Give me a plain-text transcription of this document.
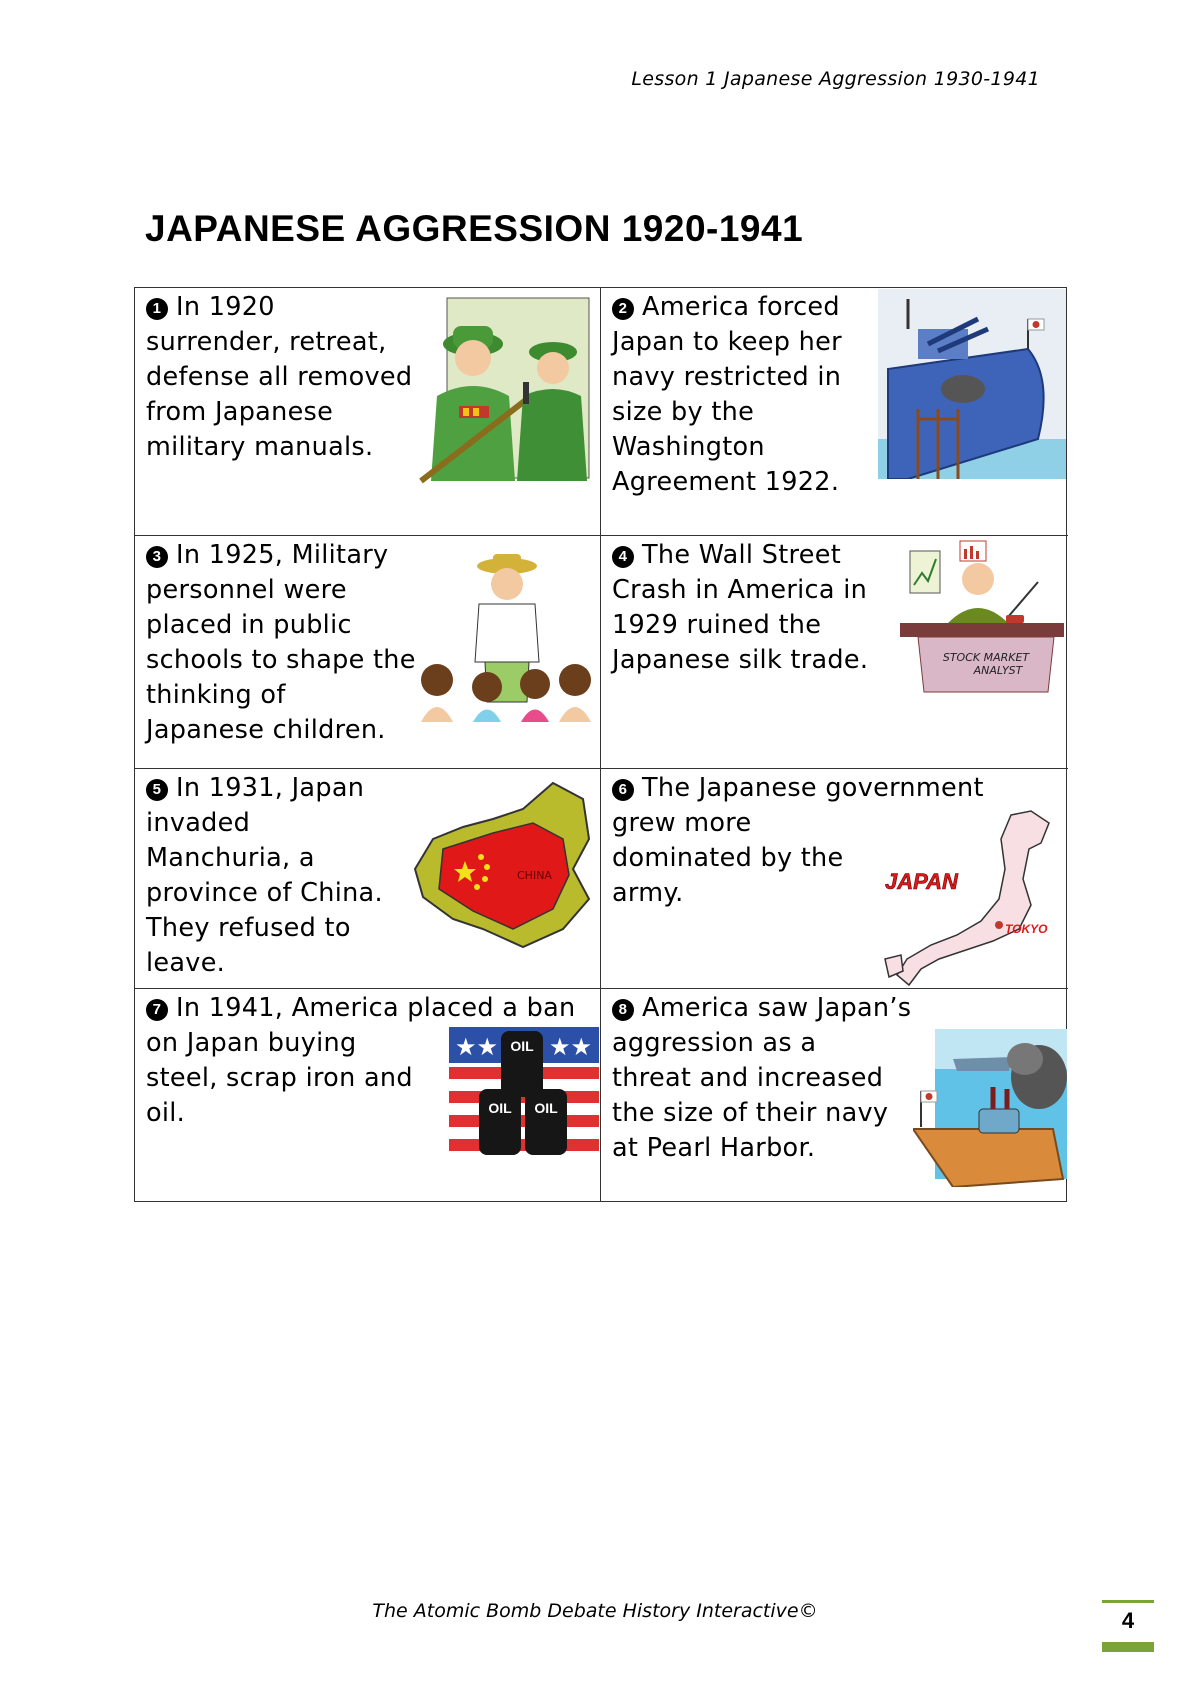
Lesson 1 Japanese Aggression 1930-1941
JAPANESE AGGRESSION 1920-1941
1 In 1920
surrender, retreat,
defense all removed
from Japanese
military manuals.
2 America forced
Japan to keep her
navy restricted in
size by the
Washington
Agreement 1922.
3 In 1925, Military
personnel were
placed in public
schools to shape the
thinking of
Japanese children.
4 The Wall Street
Crash in America in
1929 ruined the
Japanese silk trade.	STOCK MARKET
ANALYST
5 In 1931, Japan
invaded
Manchuria, a
province of China.
They refused to
leave.
CHINA
6 The Japanese government
grew more
dominated by the
army.	JAPAN
TOKYO
7 In 1941, America placed a ban
on Japan buying
steel, scrap iron and
oil.
★★ ★★
OIL
OIL OIL
8 America saw Japan’s
aggression as a
threat and increased
the size of their navy
at Pearl Harbor.
The Atomic Bomb Debate History Interactive©	4
